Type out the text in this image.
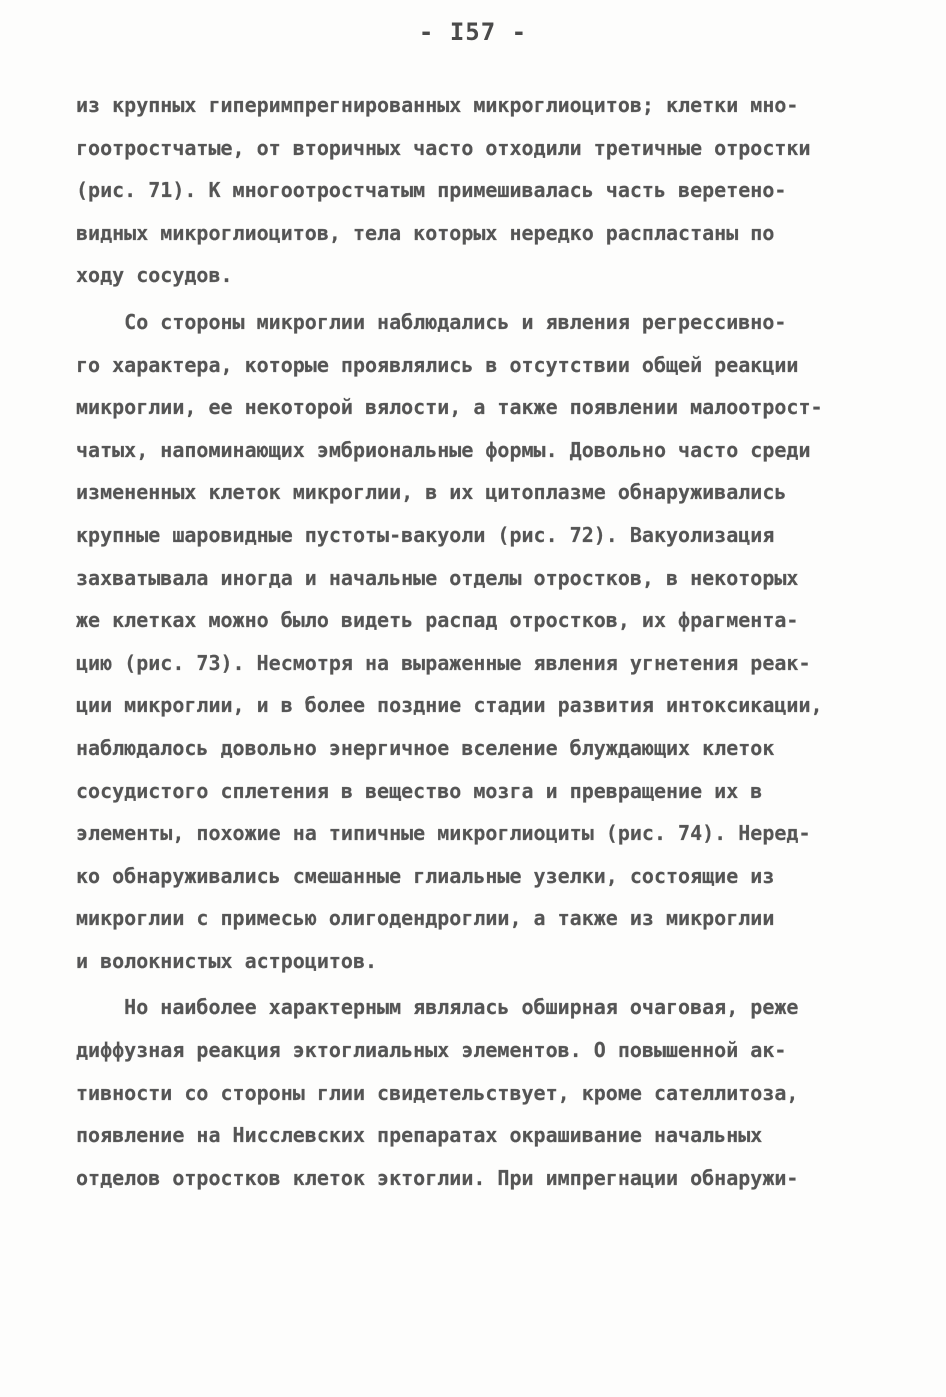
- I57 -
из крупных гиперимпрегнированных микроглиоцитов; клетки мно-
гоотростчатые, от вторичных часто отходили третичные отростки
(рис. 71). К многоотростчатым примешивалась часть веретено-
видных микроглиоцитов, тела которых нередко распластаны по
ходу сосудов.
Со стороны микроглии наблюдались и явления регрессивно-
го характера, которые проявлялись в отсутствии общей реакции
микроглии, ее некоторой вялости, а также появлении малоотрост-
чатых, напоминающих эмбриональные формы. Довольно часто среди
измененных клеток микроглии, в их цитоплазме обнаруживались
крупные шаровидные пустоты-вакуоли (рис. 72). Вакуолизация
захватывала иногда и начальные отделы отростков, в некоторых
же клетках можно было видеть распад отростков, их фрагмента-
цию (рис. 73). Несмотря на выраженные явления угнетения реак-
ции микроглии, и в более поздние стадии развития интоксикации,
наблюдалось довольно энергичное вселение блуждающих клеток
сосудистого сплетения в вещество мозга и превращение их в
элементы, похожие на типичные микроглиоциты (рис. 74). Неред-
ко обнаруживались смешанные глиальные узелки, состоящие из
микроглии с примесью олигодендроглии, а также из микроглии
и волокнистых астроцитов.
Но наиболее характерным являлась обширная очаговая, реже
диффузная реакция эктоглиальных элементов. О повышенной ак-
тивности со стороны глии свидетельствует, кроме сателлитоза,
появление на Нисслевских препаратах окрашивание начальных
отделов отростков клеток эктоглии. При импрегнации обнаружи-
